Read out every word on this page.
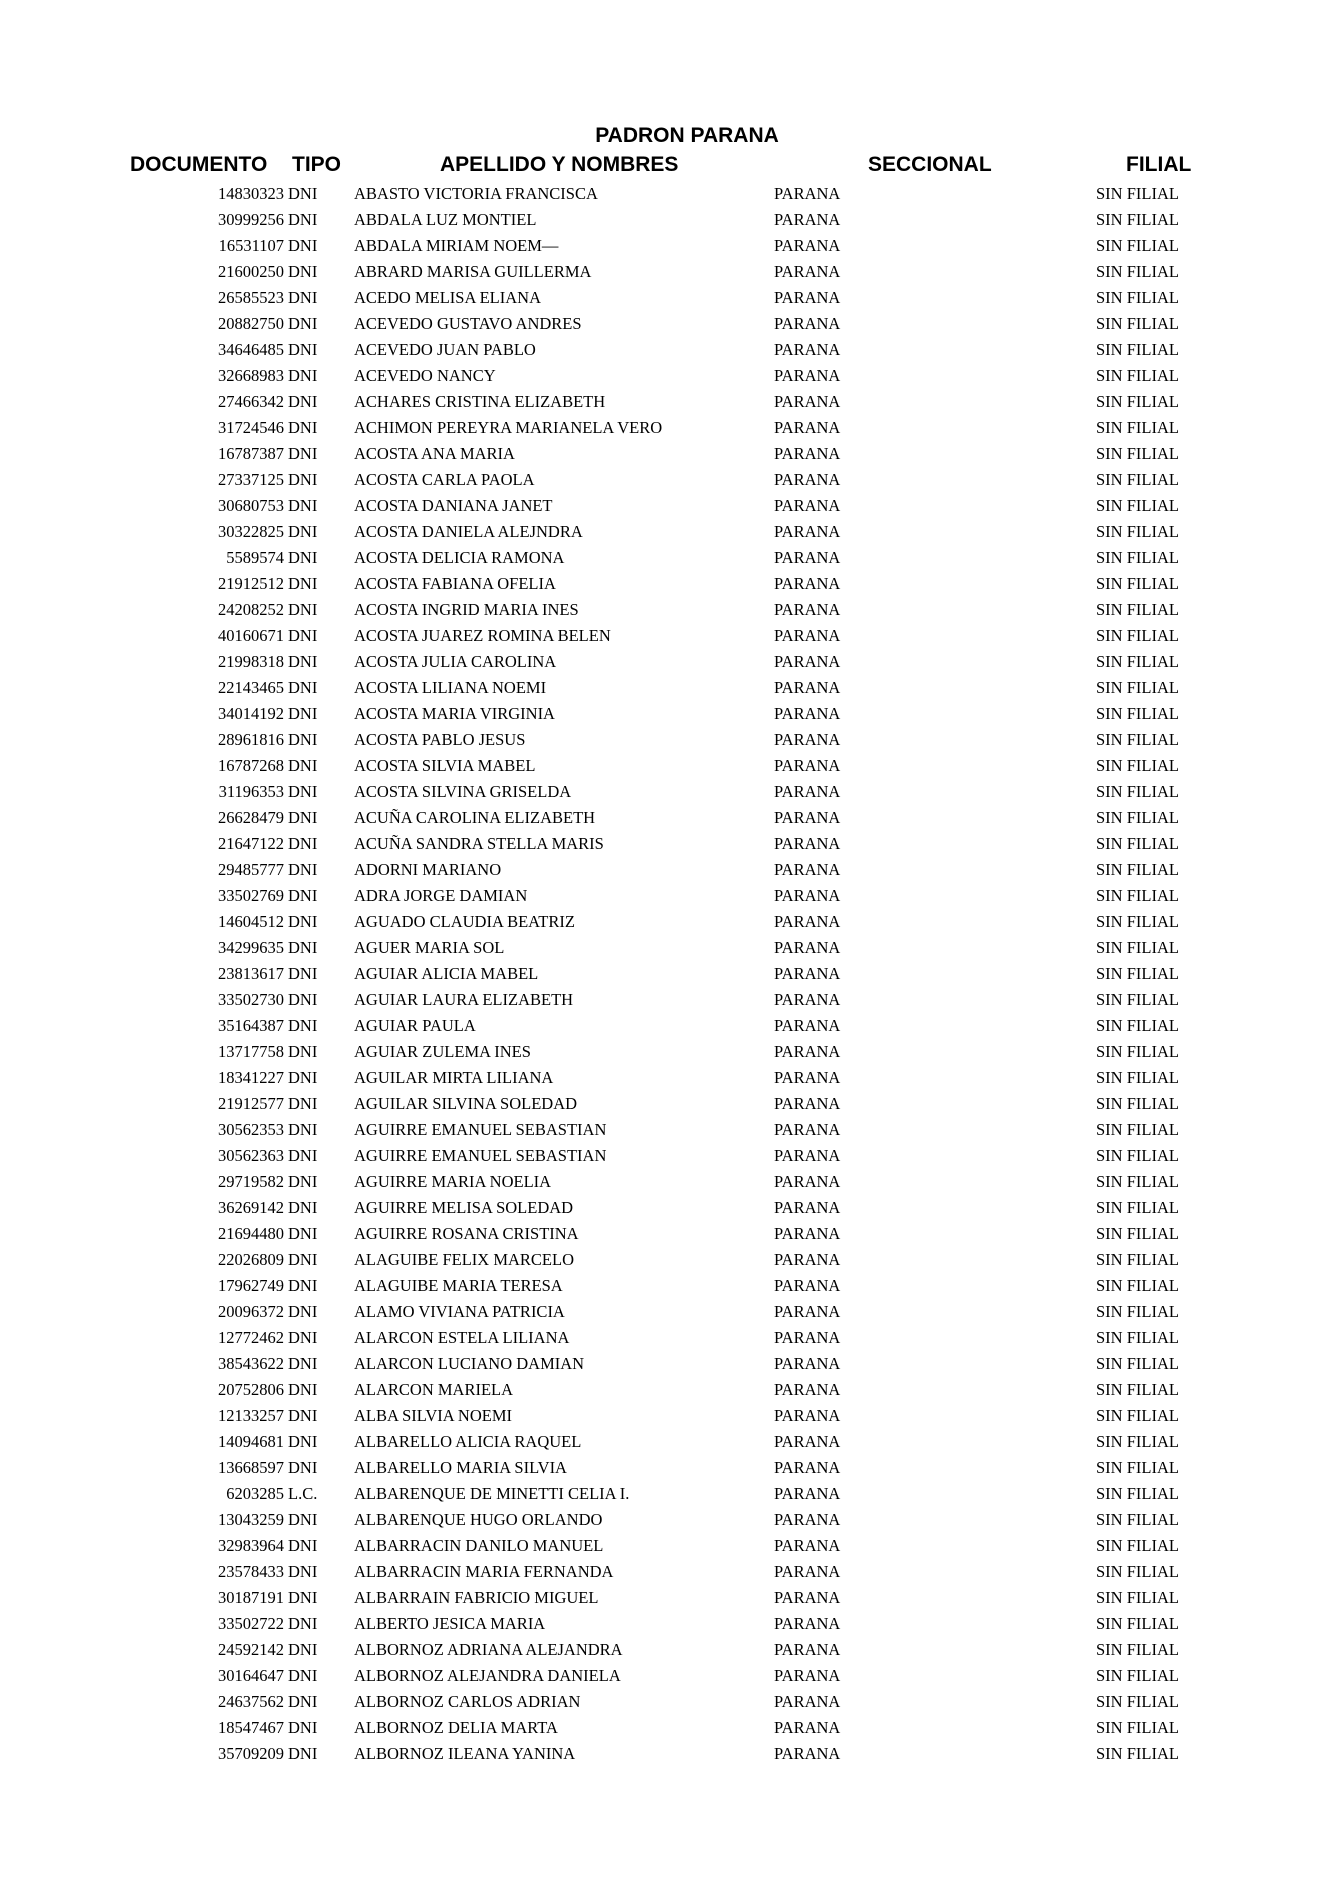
PADRON PARANA
DOCUMENTO TIPO	APELLIDO Y NOMBRES	SECCIONAL	FILIAL
14830323 DNI ABASTO VICTORIA FRANCISCA	PARANA	SIN FILIAL
30999256 DNI ABDALA LUZ MONTIEL	PARANA	SIN FILIAL
16531107 DNI ABDALA MIRIAM NOEM—	PARANA	SIN FILIAL
21600250 DNI ABRARD MARISA GUILLERMA	PARANA	SIN FILIAL
26585523 DNI ACEDO MELISA ELIANA	PARANA	SIN FILIAL
20882750 DNI ACEVEDO GUSTAVO ANDRES	PARANA	SIN FILIAL
34646485 DNI ACEVEDO JUAN PABLO	PARANA	SIN FILIAL
32668983 DNI ACEVEDO NANCY	PARANA	SIN FILIAL
27466342 DNI ACHARES CRISTINA ELIZABETH	PARANA	SIN FILIAL
31724546 DNI ACHIMON PEREYRA MARIANELA VERO	PARANA	SIN FILIAL
16787387 DNI ACOSTA ANA MARIA	PARANA	SIN FILIAL
27337125 DNI ACOSTA CARLA PAOLA	PARANA	SIN FILIAL
30680753 DNI ACOSTA DANIANA JANET	PARANA	SIN FILIAL
30322825 DNI ACOSTA DANIELA ALEJNDRA	PARANA	SIN FILIAL
5589574 DNI ACOSTA DELICIA RAMONA	PARANA	SIN FILIAL
21912512 DNI ACOSTA FABIANA OFELIA	PARANA	SIN FILIAL
24208252 DNI ACOSTA INGRID MARIA INES	PARANA	SIN FILIAL
40160671 DNI ACOSTA JUAREZ ROMINA BELEN	PARANA	SIN FILIAL
21998318 DNI ACOSTA JULIA CAROLINA	PARANA	SIN FILIAL
22143465 DNI ACOSTA LILIANA NOEMI	PARANA	SIN FILIAL
34014192 DNI ACOSTA MARIA VIRGINIA	PARANA	SIN FILIAL
28961816 DNI ACOSTA PABLO JESUS	PARANA	SIN FILIAL
16787268 DNI ACOSTA SILVIA MABEL	PARANA	SIN FILIAL
31196353 DNI ACOSTA SILVINA GRISELDA	PARANA	SIN FILIAL
26628479 DNI ACUÑA CAROLINA ELIZABETH	PARANA	SIN FILIAL
21647122 DNI ACUÑA SANDRA STELLA MARIS	PARANA	SIN FILIAL
29485777 DNI ADORNI MARIANO	PARANA	SIN FILIAL
33502769 DNI ADRA JORGE DAMIAN	PARANA	SIN FILIAL
14604512 DNI AGUADO CLAUDIA BEATRIZ	PARANA	SIN FILIAL
34299635 DNI AGUER MARIA SOL	PARANA	SIN FILIAL
23813617 DNI AGUIAR ALICIA MABEL	PARANA	SIN FILIAL
33502730 DNI AGUIAR LAURA ELIZABETH	PARANA	SIN FILIAL
35164387 DNI AGUIAR PAULA	PARANA	SIN FILIAL
13717758 DNI AGUIAR ZULEMA INES	PARANA	SIN FILIAL
18341227 DNI AGUILAR MIRTA LILIANA	PARANA	SIN FILIAL
21912577 DNI AGUILAR SILVINA SOLEDAD	PARANA	SIN FILIAL
30562353 DNI AGUIRRE EMANUEL SEBASTIAN	PARANA	SIN FILIAL
30562363 DNI AGUIRRE EMANUEL SEBASTIAN	PARANA	SIN FILIAL
29719582 DNI AGUIRRE MARIA NOELIA	PARANA	SIN FILIAL
36269142 DNI AGUIRRE MELISA SOLEDAD	PARANA	SIN FILIAL
21694480 DNI AGUIRRE ROSANA CRISTINA	PARANA	SIN FILIAL
22026809 DNI ALAGUIBE FELIX MARCELO	PARANA	SIN FILIAL
17962749 DNI ALAGUIBE MARIA TERESA	PARANA	SIN FILIAL
20096372 DNI ALAMO VIVIANA PATRICIA	PARANA	SIN FILIAL
12772462 DNI ALARCON ESTELA LILIANA	PARANA	SIN FILIAL
38543622 DNI ALARCON LUCIANO DAMIAN	PARANA	SIN FILIAL
20752806 DNI ALARCON MARIELA	PARANA	SIN FILIAL
12133257 DNI ALBA SILVIA NOEMI	PARANA	SIN FILIAL
14094681 DNI ALBARELLO ALICIA RAQUEL	PARANA	SIN FILIAL
13668597 DNI ALBARELLO MARIA SILVIA	PARANA	SIN FILIAL
6203285 L.C. ALBARENQUE DE MINETTI CELIA I.	PARANA	SIN FILIAL
13043259 DNI ALBARENQUE HUGO ORLANDO	PARANA	SIN FILIAL
32983964 DNI ALBARRACIN DANILO MANUEL	PARANA	SIN FILIAL
23578433 DNI ALBARRACIN MARIA FERNANDA	PARANA	SIN FILIAL
30187191 DNI ALBARRAIN FABRICIO MIGUEL	PARANA	SIN FILIAL
33502722 DNI ALBERTO JESICA MARIA	PARANA	SIN FILIAL
24592142 DNI ALBORNOZ ADRIANA ALEJANDRA	PARANA	SIN FILIAL
30164647 DNI ALBORNOZ ALEJANDRA DANIELA	PARANA	SIN FILIAL
24637562 DNI ALBORNOZ CARLOS ADRIAN	PARANA	SIN FILIAL
18547467 DNI ALBORNOZ DELIA MARTA	PARANA	SIN FILIAL
35709209 DNI ALBORNOZ ILEANA YANINA	PARANA	SIN FILIAL
